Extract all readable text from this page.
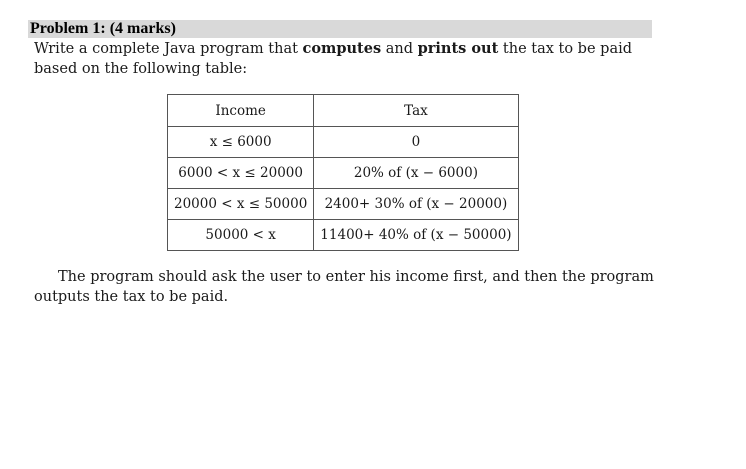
Problem 1: (4 marks)
Write a complete Java program that computes and prints out the tax to be paid based on the following table:
Income	Tax
x ≤ 6000	0
6000 < x ≤ 20000	20% of (x − 6000)
20000 < x ≤ 50000	2400+ 30% of (x − 20000)
50000 < x	11400+ 40% of (x − 50000)
The program should ask the user to enter his income first, and then the program outputs the tax to be paid.
